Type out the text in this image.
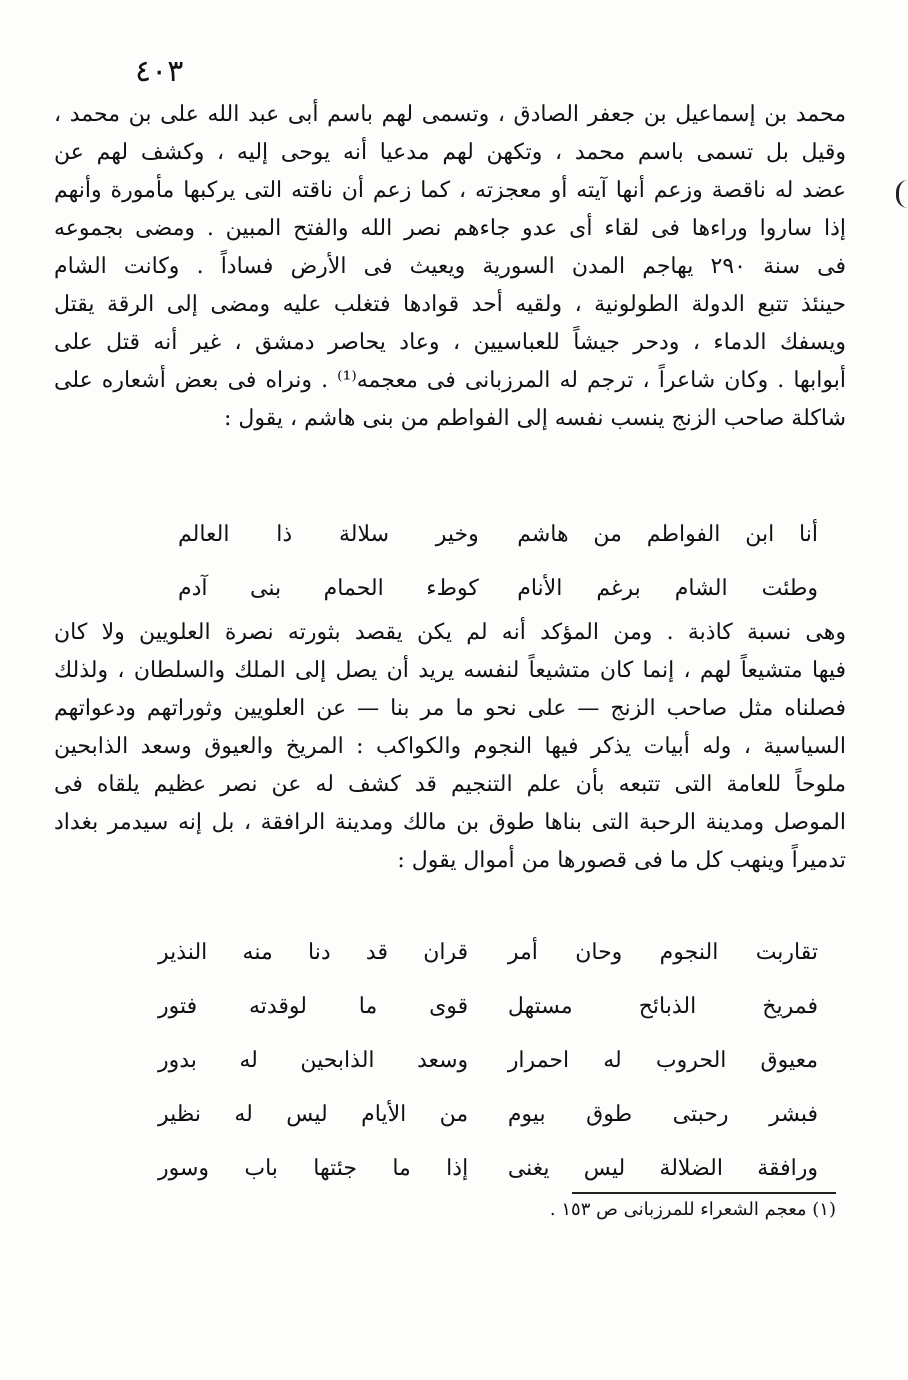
٤٠٣
محمد بن إسماعيل بن جعفر الصادق ، وتسمى لهم باسم أبى عبد الله على بن محمد ،
وقيل بل تسمى باسم محمد ، وتكهن لهم مدعيا أنه يوحى إليه ، وكشف لهم عن
عضد له ناقصة وزعم أنها آيته أو معجزته ، كما زعم أن ناقته التى يركبها مأمورة وأنهم
إذا ساروا وراءها فى لقاء أى عدو جاءهم نصر الله والفتح المبين . ومضى بجموعه
فى سنة ٢٩٠ يهاجم المدن السورية ويعيث فى الأرض فساداً . وكانت الشام
حينئذ تتبع الدولة الطولونية ، ولقيه أحد قوادها فتغلب عليه ومضى إلى الرقة يقتل
ويسفك الدماء ، ودحر جيشاً للعباسيين ، وعاد يحاصر دمشق ، غير أنه قتل على
أبوابها . وكان شاعراً ، ترجم له المرزبانى فى معجمه⁽¹⁾ . ونراه فى بعض أشعاره على
شاكلة صاحب الزنج ينسب نفسه إلى الفواطم من بنى هاشم ، يقول :
أنا ابن الفواطم من هاشم
وخير سلالة ذا العالم
وطئت الشام برغم الأنام
كوطء الحمام بنى آدم
وهى نسبة كاذبة . ومن المؤكد أنه لم يكن يقصد بثورته نصرة العلويين ولا كان
فيها متشيعاً لهم ، إنما كان متشيعاً لنفسه يريد أن يصل إلى الملك والسلطان ، ولذلك
فصلناه مثل صاحب الزنج — على نحو ما مر بنا — عن العلويين وثوراتهم ودعواتهم
السياسية ، وله أبيات يذكر فيها النجوم والكواكب : المريخ والعيوق وسعد الذابحين
ملوحاً للعامة التى تتبعه بأن علم التنجيم قد كشف له عن نصر عظيم يلقاه فى
الموصل ومدينة الرحبة التى بناها طوق بن مالك ومدينة الرافقة ، بل إنه سيدمر بغداد
تدميراً وينهب كل ما فى قصورها من أموال يقول :
تقاربت النجوم وحان أمر
قران قد دنا منه النذير
فمريخ الذبائح مستهل
قوى ما لوقدته فتور
معيوق الحروب له احمرار
وسعد الذابحين له بدور
فبشر رحبتى طوق بيوم
من الأيام ليس له نظير
ورافقة الضلالة ليس يغنى
إذا ما جئتها باب وسور
(١) معجم الشعراء للمرزبانى ص ١٥٣ .
